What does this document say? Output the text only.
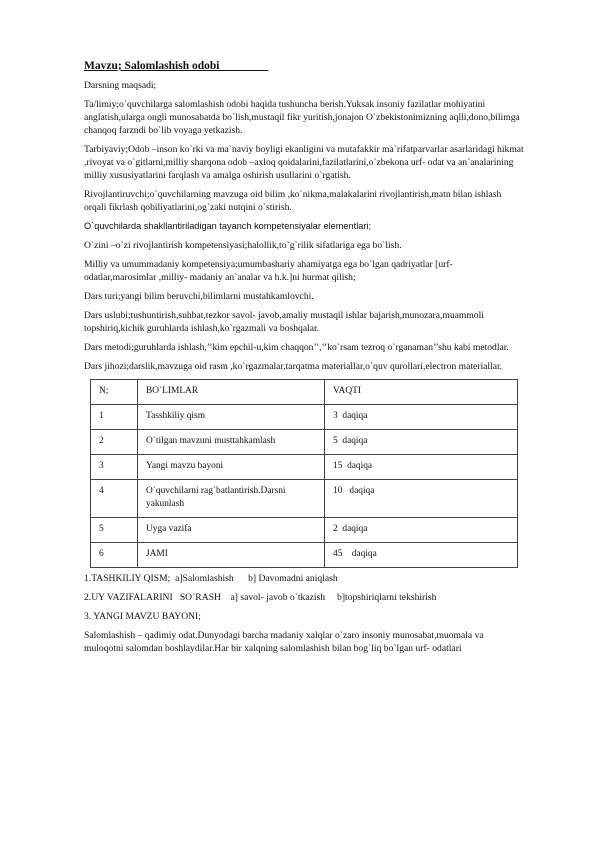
Mavzu; Salomlashish odobi

Darsning maqsadi;

Ta/limiy;o`quvchilarga salomlashish odobi haqida tushuncha berish.Yuksak insoniy fazilatlar mohiyatini anglatish,ularga ongli munosabatda bo`lish,mustaqil fikr yuritish,jonajon O`zbekistonimizning aqlli,dono,bilimga chanqoq farzndi bo`lib voyaga yetkazish.

Tarbiyaviy;Odob –inson ko`rki va ma`naviy boyligi ekanligini va mutafakkir ma`rifatparvarlar asarlaridagi hikmat ,rivoyat va o`gitlarni,milliy sharqona odob –axloq qoidalarini,fazilatlarini,o`zbekona urf- odat va an`analarining milliy xususiyatlarini farqlash va amalga oshirish usullarini o`rgatish.

Rivojlantiruvchi;o`quvchilarning mavzuga oid bilim ,ko`nikma,malakalarini rivojlantirish,matn bilan ishlash orqali fikrlash qobiliyatlarini,og`zaki nutqini o`stirish.

O`quvchilarda shakllantiriladigan tayanch kompetensiyalar elementlari;

O`zini –o`zi rivojlantirish kompetensiyasi;halollik,to`g`rilik sifatlariga ega bo`lish.

Milliy va umummadaniy kompetensiya;umumbashariy ahamiyatga ega bo`lgan qadriyatlar [urf-odatlar,marosimlar ,milliy- madaniy an`analar va h.k.]ni hurmat qilish;

Dars turi;yangi bilim beruvchi,bilimlarni mustahkamlovchi.

Dars uslubi;tushuntirish,suhbat,tezkor savol- javob,amaliy mustaqil ishlar bajarish,munozara,muammoli topshiriq,kichik guruhlarda ishlash,ko`rgazmali va boshqalar.

Dars metodi;guruhlarda ishlash,’’kim epchil-u,kim chaqqon’’,’’ko`rsam tezroq o`rganaman’’shu kabi metodlar.

Dars jihozi;darslik,mavzuga oid rasm ,ko`rgazmalar,tarqatma materiallar,o`quv qurollari,electron materiallar.

N;	BO`LIMLAR	VAQTI
1	Tasshkiliy qism	3  daqiqa
2	O`tilgan mavzuni musttahkamlash	5  daqiqa
3	Yangi mavzu bayoni	15  daqiqa
4	O`quvchilarni rag`batlantirish.Darsni yakunlash	10   daqiqa
5	Uyga vazifa	2  daqiqa
6	JAMI	45    daqiqa

1.TASHKILIY QISM;  a]Salomlashish      b] Davomadni aniqlash

2.UY VAZIFALARINI   SO`RASH    a] savol- javob o`tkazish     b]topshiriqlarni tekshirish

3. YANGI MAVZU BAYONI;

Salomlashish – qadimiy odat.Dunyodagi barcha madaniy xalqlar o`zaro insoniy munosabat,muomala va muloqotni salomdan boshlaydilar.Har bir xalqning salomlashish bilan bog`liq bo`lgan urf- odatlari
